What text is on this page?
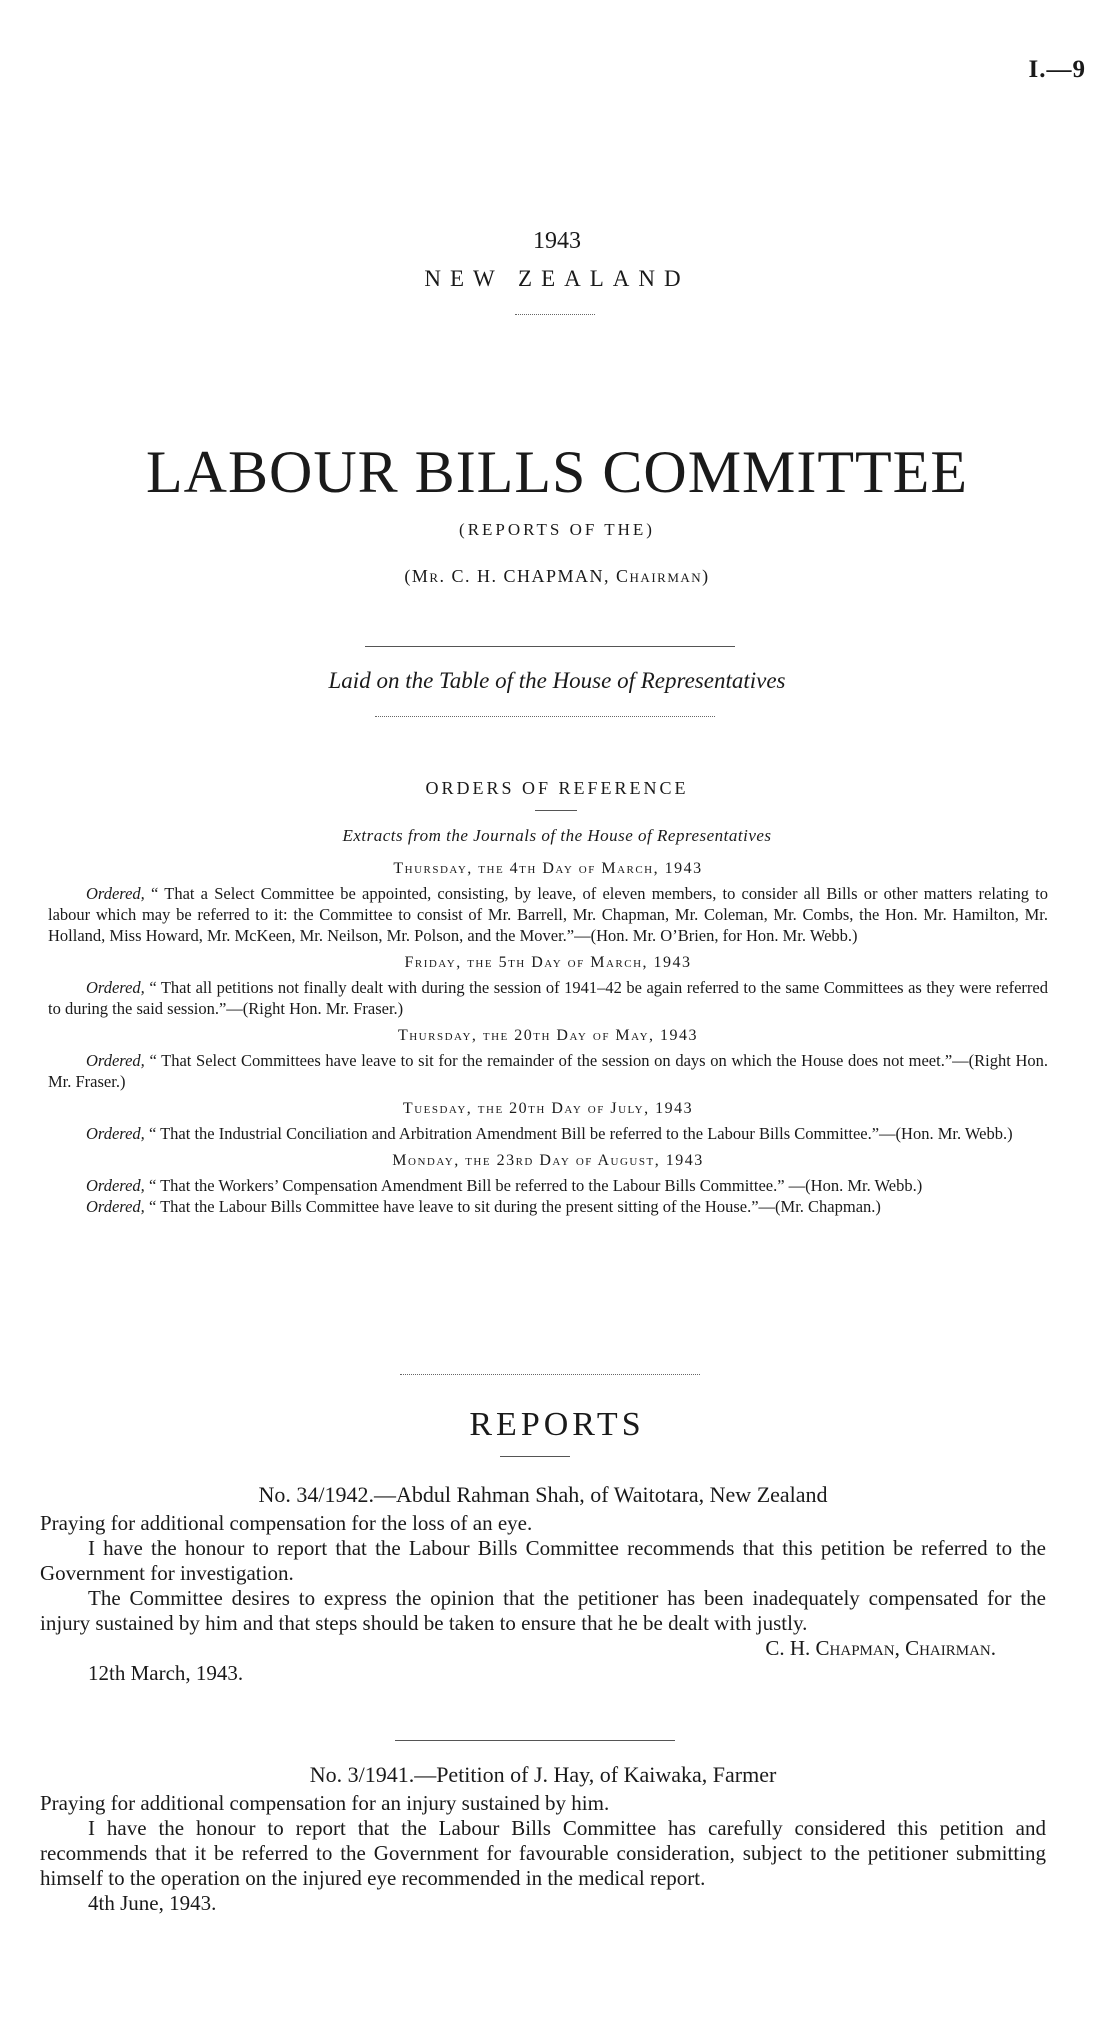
I.—9
1943
NEW ZEALAND
LABOUR BILLS COMMITTEE
(REPORTS OF THE)
(Mr. C. H. CHAPMAN, Chairman)
Laid on the Table of the House of Representatives
ORDERS OF REFERENCE
Extracts from the Journals of the House of Representatives
Thursday, the 4th Day of March, 1943

Ordered, “ That a Select Committee be appointed, consisting, by leave, of eleven members, to consider all Bills or other matters relating to labour which may be referred to it: the Committee to consist of Mr. Barrell, Mr. Chapman, Mr. Coleman, Mr. Combs, the Hon. Mr. Hamilton, Mr. Holland, Miss Howard, Mr. McKeen, Mr. Neilson, Mr. Polson, and the Mover.”—(Hon. Mr. O’Brien, for Hon. Mr. Webb.)

Friday, the 5th Day of March, 1943

Ordered, “ That all petitions not finally dealt with during the session of 1941–42 be again referred to the same Committees as they were referred to during the said session.”—(Right Hon. Mr. Fraser.)

Thursday, the 20th Day of May, 1943

Ordered, “ That Select Committees have leave to sit for the remainder of the session on days on which the House does not meet.”—(Right Hon. Mr. Fraser.)

Tuesday, the 20th Day of July, 1943

Ordered, “ That the Industrial Conciliation and Arbitration Amendment Bill be referred to the Labour Bills Committee.”—(Hon. Mr. Webb.)

Monday, the 23rd Day of August, 1943

Ordered, “ That the Workers’ Compensation Amendment Bill be referred to the Labour Bills Committee.” —(Hon. Mr. Webb.)

Ordered, “ That the Labour Bills Committee have leave to sit during the present sitting of the House.”—(Mr. Chapman.)

REPORTS
No. 34/1942.—Abdul Rahman Shah, of Waitotara, New Zealand

Praying for additional compensation for the loss of an eye.

I have the honour to report that the Labour Bills Committee recommends that this petition be referred to the Government for investigation.

The Committee desires to express the opinion that the petitioner has been inadequately compensated for the injury sustained by him and that steps should be taken to ensure that he be dealt with justly.

C. H. Chapman, Chairman.

12th March, 1943.

No. 3/1941.—Petition of J. Hay, of Kaiwaka, Farmer

Praying for additional compensation for an injury sustained by him.

I have the honour to report that the Labour Bills Committee has carefully considered this petition and recommends that it be referred to the Government for favourable consideration, subject to the petitioner submitting himself to the operation on the injured eye recommended in the medical report.

4th June, 1943.
